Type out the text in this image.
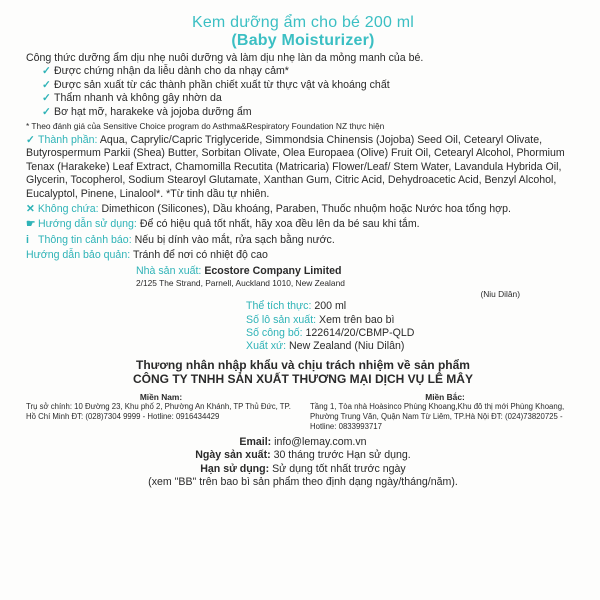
Kem dưỡng ẩm cho bé 200 ml
(Baby Moisturizer)

Công thức dưỡng ẩm dịu nhẹ nuôi dưỡng và làm dịu nhẹ làn da mỏng manh của bé.

✓ Được chứng nhận da liễu dành cho da nhạy cảm*

✓ Được sản xuất từ các thành phần chiết xuất từ thực vật và khoáng chất

✓ Thẩm nhanh và không gây nhờn da

✓ Bơ hạt mỡ, harakeke và jojoba dưỡng ẩm

* Theo đánh giá của Sensitive Choice program do Asthma&Respiratory Foundation NZ thực hiện

✓ Thành phần: Aqua, Caprylic/Capric Triglyceride, Simmondsia Chinensis (Jojoba) Seed Oil, Cetearyl Olivate, Butyrospermum Parkii (Shea) Butter, Sorbitan Olivate, Olea Europaea (Olive) Fruit Oil, Cetearyl Alcohol, Phormium Tenax (Harakeke) Leaf Extract, Chamomilla Recutita (Matricaria) Flower/Leaf/ Stem Water, Lavandula Hybrida Oil, Glycerin, Tocopherol, Sodium Stearoyl Glutamate, Xanthan Gum, Citric Acid, Dehydroacetic Acid, Benzyl Alcohol, Eucalyptol, Pinene, Linalool*. *Từ tinh dầu tự nhiên.

✕ Không chứa: Dimethicon (Silicones), Dầu khoáng, Paraben, Thuốc nhuộm hoặc Nước hoa tổng hợp.

☛ Hướng dẫn sử dụng: Để có hiệu quả tốt nhất, hãy xoa đều lên da bé sau khi tắm.

i Thông tin cảnh báo: Nếu bị dính vào mắt, rửa sạch bằng nước.

Hướng dẫn bảo quản: Tránh để nơi có nhiệt độ cao

Nhà sản xuất: Ecostore Company Limited

2/125 The Strand, Parnell, Auckland 1010, New Zealand

(Niu Dilân)

Thể tích thực: 200 ml

Số lô sản xuất: Xem trên bao bì

Số công bố: 122614/20/CBMP-QLD

Xuất xứ: New Zealand (Niu Dilân)

Thương nhân nhập khẩu và chịu trách nhiệm về sản phẩm
CÔNG TY TNHH SẢN XUẤT THƯƠNG MẠI DỊCH VỤ LÊ MÂY
Miền Nam:
Trụ sở chính: 10 Đường 23, Khu phố 2, Phường An Khánh, TP Thủ Đức, TP. Hồ Chí Minh ĐT: (028)7304 9999 - Hotline: 0916434429
Miền Bắc:
Tầng 1, Tòa nhà Hoàsinco Phùng Khoang,Khu đô thị mới Phùng Khoang, Phường Trung Văn, Quận Nam Từ Liêm, TP.Hà Nội ĐT: (024)73820725 - Hotline: 0833993717

Email: info@lemay.com.vn

Ngày sản xuất: 30 tháng trước Hạn sử dụng.

Hạn sử dụng: Sử dụng tốt nhất trước ngày

(xem "BB" trên bao bì sản phẩm theo định dạng ngày/tháng/năm).
